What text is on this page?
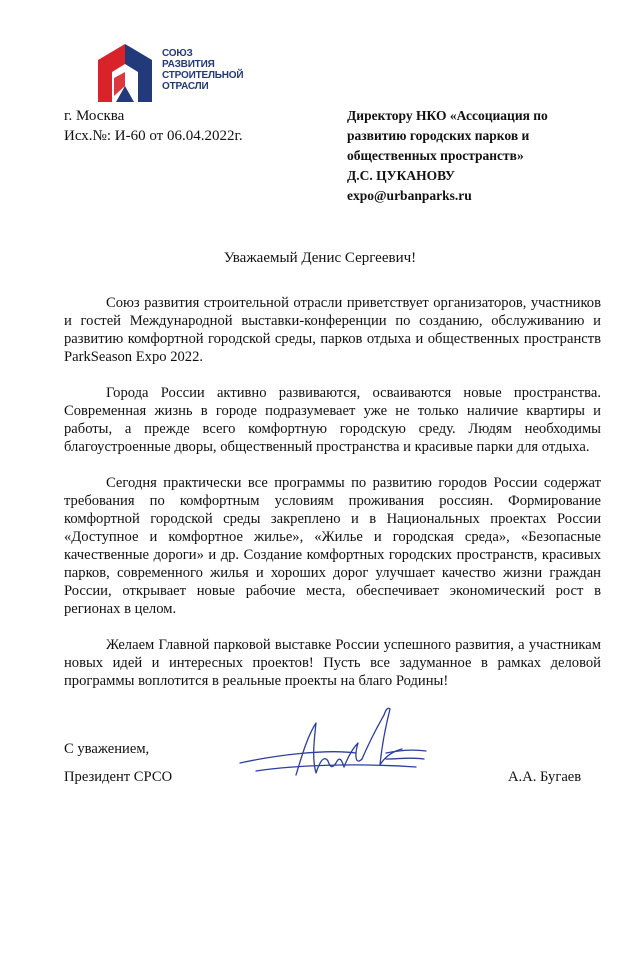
СОЮЗ
РАЗВИТИЯ
СТРОИТЕЛЬНОЙ
ОТРАСЛИ
г. Москва
Исх.№: И-60 от 06.04.2022г.
Директору НКО «Ассоциация по
развитию городских парков и
общественных пространств»
Д.С. ЦУКАНОВУ
expo@urbanparks.ru
Уважаемый Денис Сергеевич!

Союз развития строительной отрасли приветствует организаторов, участников и гостей Международной выставки-конференции по созданию, обслуживанию и развитию комфортной городской среды, парков отдыха и общественных пространств ParkSeason Expo 2022.

Города России активно развиваются, осваиваются новые пространства. Современная жизнь в городе подразумевает уже не только наличие квартиры и работы, а прежде всего комфортную городскую среду. Людям необходимы благоустроенные дворы, общественный пространства и красивые парки для отдыха.

Сегодня практически все программы по развитию городов России содержат требования по комфортным условиям проживания россиян. Формирование комфортной городской среды закреплено и в Национальных проектах России «Доступное и комфортное жилье», «Жилье и городская среда», «Безопасные качественные дороги» и др. Создание комфортных городских пространств, красивых парков, современного жилья и хороших дорог улучшает качество жизни граждан России, открывает новые рабочие места, обеспечивает экономический рост в регионах в целом.

Желаем Главной парковой выставке России успешного развития, а участникам новых идей и интересных проектов! Пусть все задуманное в рамках деловой программы воплотится в реальные проекты на благо Родины!

С уважением,
Президент СРСО	А.А. Бугаев
